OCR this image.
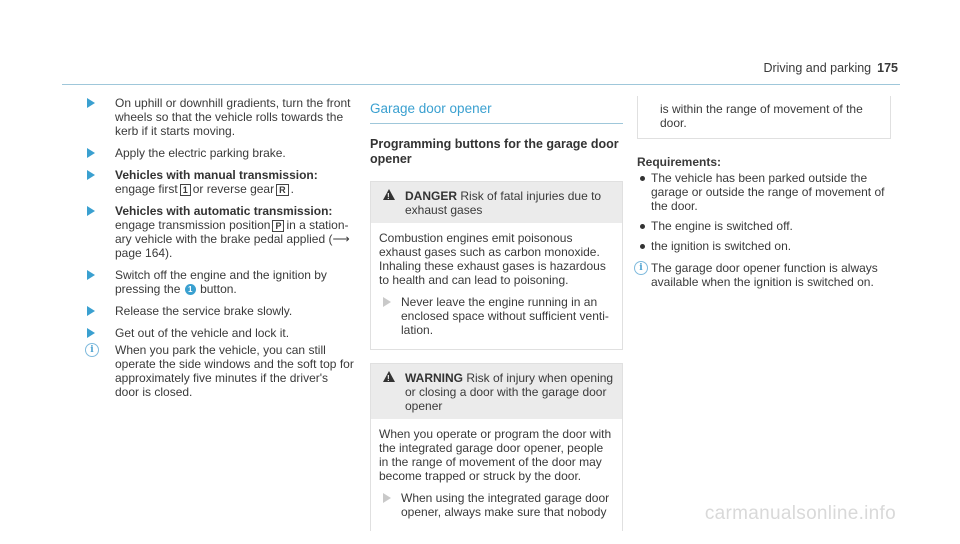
Driving and parking 175
On uphill or downhill gradients, turn the front wheels so that the vehicle rolls towards the kerb if it starts moving.
Apply the electric parking brake.
Vehicles with manual transmission:
engage first 1 or reverse gear R .
Vehicles with automatic transmission:
engage transmission position P in a station-ary vehicle with the brake pedal applied (⟶ page 164).
Switch off the engine and the ignition by pressing the 1 button.
Release the service brake slowly.
Get out of the vehicle and lock it.
i	When you park the vehicle, you can still operate the side windows and the soft top for approximately five minutes if the driver's door is closed.
Garage door opener
Programming buttons for the garage door opener
!
DANGER Risk of fatal injuries due to exhaust gases

Combustion engines emit poisonous exhaust gases such as carbon monoxide. Inhaling these exhaust gases is hazardous to health and can lead to poisoning.

Never leave the engine running in an enclosed space without sufficient venti-lation.
!
WARNING Risk of injury when opening or closing a door with the garage door opener

When you operate or program the door with the integrated garage door opener, people in the range of movement of the door may become trapped or struck by the door.

When using the integrated garage door opener, always make sure that nobody
is within the range of movement of the door.
Requirements:
The vehicle has been parked outside the garage or outside the range of movement of the door.
The engine is switched off.
the ignition is switched on.
i The garage door opener function is always available when the ignition is switched on.
carmanualsonline.info
